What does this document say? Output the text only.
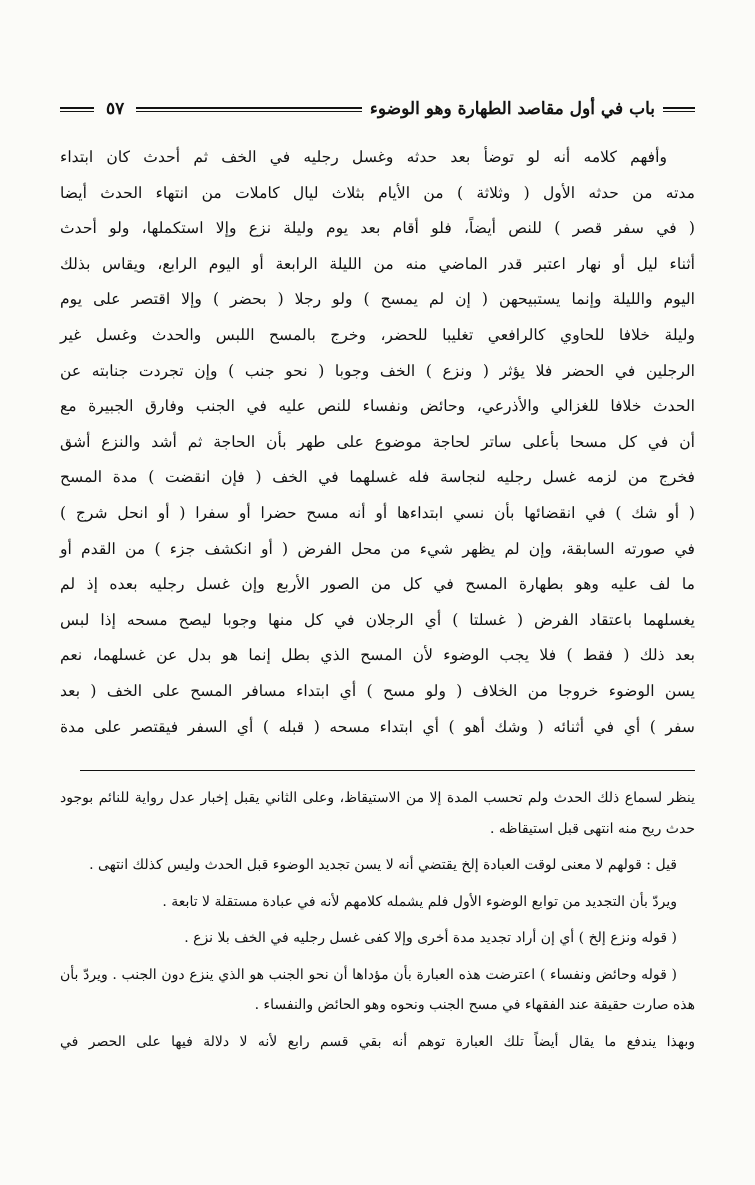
باب في أول مقاصد الطهارة وهو الوضوء
٥٧

وأفهم كلامه أنه لو توضأ بعد حدثه وغسل رجليه في الخف ثم أحدث كان ابتداء

مدته من حدثه الأول ( وثلاثة ) من الأيام بثلاث ليال كاملات من انتهاء الحدث أيضا

( في سفر قصر ) للنص أيضاً، فلو أقام بعد يوم وليلة نزع وإلا استكملها، ولو أحدث

أثناء ليل أو نهار اعتبر قدر الماضي منه من الليلة الرابعة أو اليوم الرابع، ويقاس بذلك

اليوم والليلة وإنما يستبيحهن ( إن لم يمسح ) ولو رجلا ( بحضر ) وإلا اقتصر على يوم

وليلة خلافا للحاوي كالرافعي تغليبا للحضر، وخرج بالمسح اللبس والحدث وغسل غير

الرجلين في الحضر فلا يؤثر ( ونزع ) الخف وجوبا ( نحو جنب ) وإن تجردت جنابته عن

الحدث خلافا للغزالي والأذرعي، وحائض ونفساء للنص عليه في الجنب وفارق الجبيرة مع

أن في كل مسحا بأعلى ساتر لحاجة موضوع على طهر بأن الحاجة ثم أشد والنزع أشق

فخرج من لزمه غسل رجليه لنجاسة فله غسلهما في الخف ( فإن انقضت ) مدة المسح

( أو شك ) في انقضائها بأن نسي ابتداءها أو أنه مسح حضرا أو سفرا ( أو انحل شرج )

في صورته السابقة، وإن لم يظهر شيء من محل الفرض ( أو انكشف جزء ) من القدم أو

ما لف عليه وهو بطهارة المسح في كل من الصور الأربع وإن غسل رجليه بعده إذ لم

يغسلهما باعتقاد الفرض ( غسلتا ) أي الرجلان في كل منها وجوبا ليصح مسحه إذا لبس

بعد ذلك ( فقط ) فلا يجب الوضوء لأن المسح الذي بطل إنما هو بدل عن غسلهما، نعم

يسن الوضوء خروجا من الخلاف ( ولو مسح ) أي ابتداء مسافر المسح على الخف ( بعد

سفر ) أي في أثنائه ( وشك أهو ) أي ابتداء مسحه ( قبله ) أي السفر فيقتصر على مدة

ينظر لسماع ذلك الحدث ولم تحسب المدة إلا من الاستيقاظ، وعلى الثاني يقبل إخبار عدل رواية للنائم بوجود حدث ريح منه انتهى قبل استيقاظه .

قيل : قولهم لا معنى لوقت العبادة إلخ يقتضي أنه لا يسن تجديد الوضوء قبل الحدث وليس كذلك انتهى .

ويردّ بأن التجديد من توابع الوضوء الأول فلم يشمله كلامهم لأنه في عبادة مستقلة لا تابعة .

( قوله ونزع إلخ ) أي إن أراد تجديد مدة أخرى وإلا كفى غسل رجليه في الخف بلا نزع .

( قوله وحائض ونفساء ) اعترضت هذه العبارة بأن مؤداها أن نحو الجنب هو الذي ينزع دون الجنب . ويردّ بأن هذه صارت حقيقة عند الفقهاء في مسح الجنب ونحوه وهو الحائض والنفساء .

وبهذا يندفع ما يقال أيضاً تلك العبارة توهم أنه بقي قسم رابع لأنه لا دلالة فيها على الحصر في
